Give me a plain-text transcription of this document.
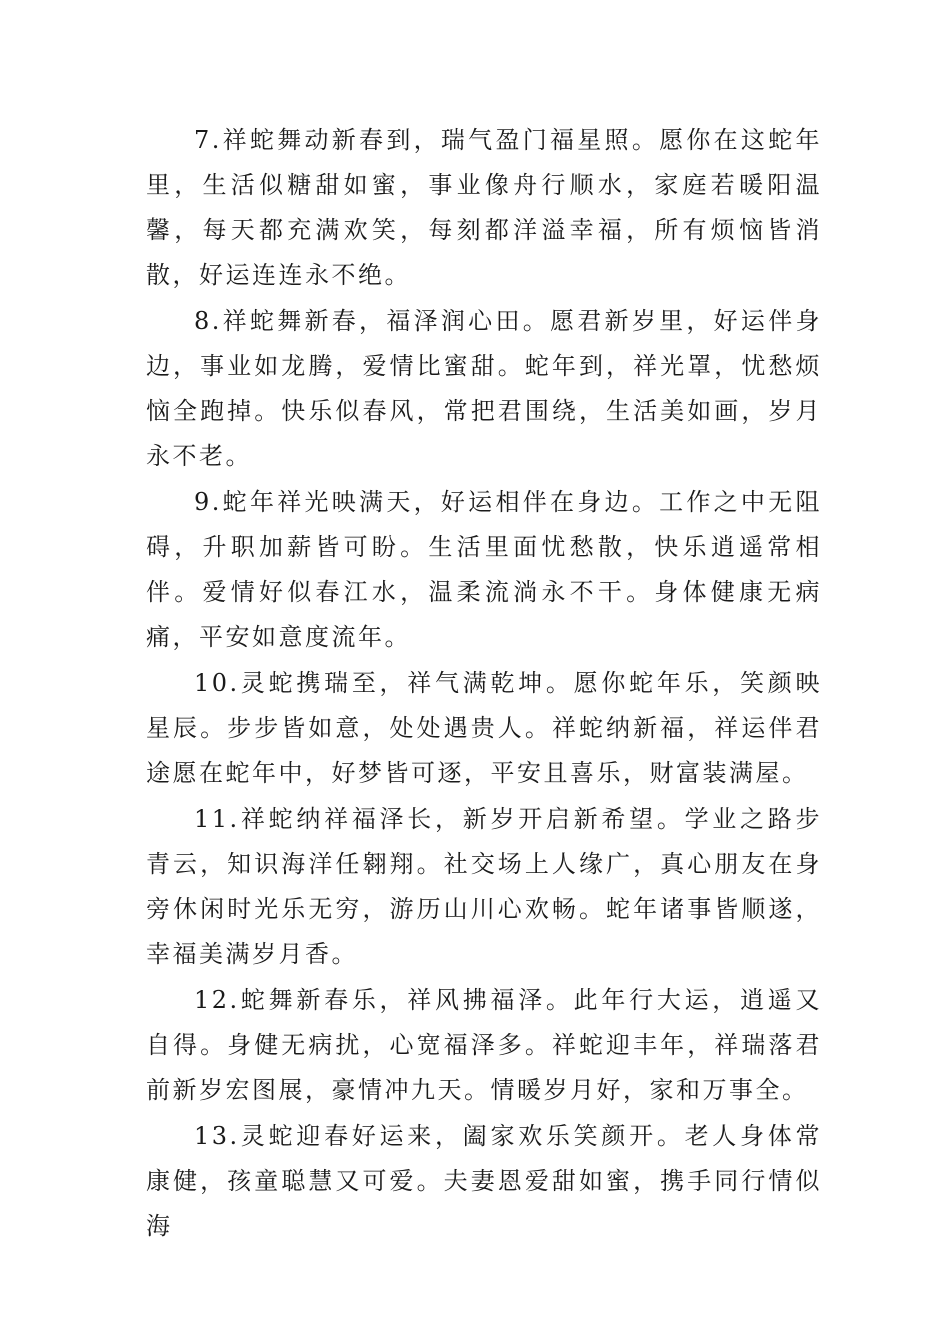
7.祥蛇舞动新春到，瑞气盈门福星照。愿你在这蛇年里，生活似糖甜如蜜，事业像舟行顺水，家庭若暖阳温馨，每天都充满欢笑，每刻都洋溢幸福，所有烦恼皆消散，好运连连永不绝。

8.祥蛇舞新春，福泽润心田。愿君新岁里，好运伴身边，事业如龙腾，爱情比蜜甜。蛇年到，祥光罩，忧愁烦恼全跑掉。快乐似春风，常把君围绕，生活美如画，岁月永不老。

9.蛇年祥光映满天，好运相伴在身边。工作之中无阻碍，升职加薪皆可盼。生活里面忧愁散，快乐逍遥常相伴。爱情好似春江水，温柔流淌永不干。身体健康无病痛，平安如意度流年。

10.灵蛇携瑞至，祥气满乾坤。愿你蛇年乐，笑颜映星辰。步步皆如意，处处遇贵人。祥蛇纳新福，祥运伴君途愿在蛇年中，好梦皆可逐，平安且喜乐，财富装满屋。

11.祥蛇纳祥福泽长，新岁开启新希望。学业之路步青云，知识海洋任翱翔。社交场上人缘广，真心朋友在身旁休闲时光乐无穷，游历山川心欢畅。蛇年诸事皆顺遂，幸福美满岁月香。

12.蛇舞新春乐，祥风拂福泽。此年行大运，逍遥又自得。身健无病扰，心宽福泽多。祥蛇迎丰年，祥瑞落君前新岁宏图展，豪情冲九天。情暖岁月好，家和万事全。

13.灵蛇迎春好运来，阖家欢乐笑颜开。老人身体常康健，孩童聪慧又可爱。夫妻恩爱甜如蜜，携手同行情似海
